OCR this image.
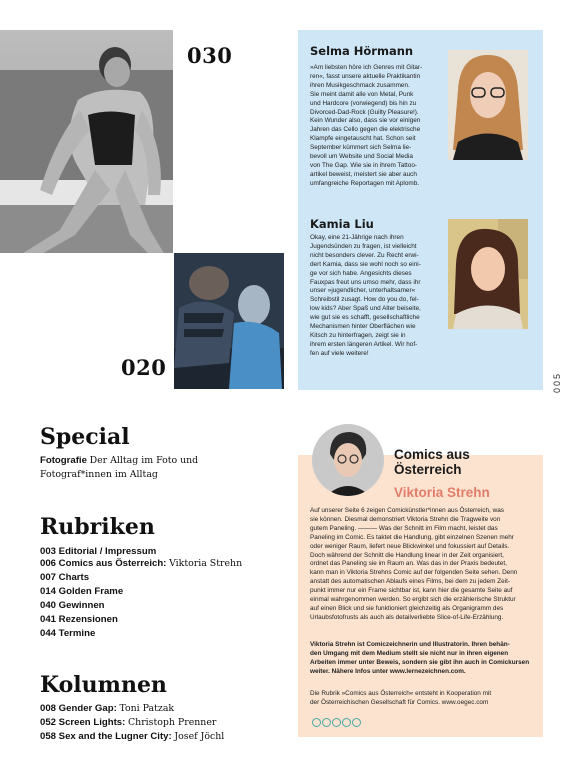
030
020
Selma Hörmann
»Am liebsten höre ich Genres mit Gitar-
ren«, fasst unsere aktuelle Praktikantin
ihren Musikgeschmack zusammen.
Sie meint damit alle von Metal, Punk
und Hardcore (vorwiegend) bis hin zu
Divorced-Dad-Rock (Guilty Pleasure!).
Kein Wunder also, dass sie vor einigen
Jahren das Cello gegen die elektrische
Klampfe eingetauscht hat. Schon seit
September kümmert sich Selma lie-
bevoll um Website und Social Media
von The Gap. Wie sie in ihrem Tattoo-
artikel beweist, meistert sie aber auch
umfangreiche Reportagen mit Aplomb.
Kamia Liu
Okay, eine 21-Jährige nach ihren
Jugendsünden zu fragen, ist vielleicht
nicht besonders clever. Zu Recht erwi-
dert Kamia, dass sie wohl noch so eini-
ge vor sich habe. Angesichts dieses
Fauxpas freut uns umso mehr, dass ihr
unser »jugendlicher, unterhaltsamer«
Schreibstil zusagt. How do you do, fel-
low kids? Aber Spaß und Alter beiseite,
wie gut sie es schafft, gesellschaftliche
Mechanismen hinter Oberflächen wie
Kitsch zu hinterfragen, zeigt sie in
ihrem ersten längeren Artikel. Wir hof-
fen auf viele weitere!
005
Special
Fotografie Der Alltag im Foto und
Fotograf*innen im Alltag
Rubriken
003 Editorial / Impressum
006 Comics aus Österreich: Viktoria Strehn
007 Charts
014 Golden Frame
040 Gewinnen
041 Rezensionen
044 Termine
Kolumnen
008 Gender Gap: Toni Patzak
052 Screen Lights: Christoph Prenner
058 Sex and the Lugner City: Josef Jöchl
Comics aus
Österreich
Viktoria Strehn
Auf unserer Seite 6 zeigen Comickünstler*innen aus Österreich, was
sie können. Diesmal demonstriert Viktoria Strehn die Tragweite von
gutem Paneling. ——— Was der Schnitt im Film macht, leistet das
Paneling im Comic. Es taktet die Handlung, gibt einzelnen Szenen mehr
oder weniger Raum, liefert neue Blickwinkel und fokussiert auf Details.
Doch während der Schnitt die Handlung linear in der Zeit organisiert,
ordnet das Paneling sie im Raum an. Was das in der Praxis bedeutet,
kann man in Viktoria Strehns Comic auf der folgenden Seite sehen. Denn
anstatt des automatischen Ablaufs eines Films, bei dem zu jedem Zeit-
punkt immer nur ein Frame sichtbar ist, kann hier die gesamte Seite auf
einmal wahrgenommen werden. So ergibt sich die erzählerische Struktur
auf einen Blick und sie funktioniert gleichzeitig als Organigramm des
Urlaubsfotofrusts als auch als detailverliebte Slice-of-Life-Erzählung.
Viktoria Strehn ist Comiczeichnerin und Illustratorin. Ihren behän-
den Umgang mit dem Medium stellt sie nicht nur in ihren eigenen
Arbeiten immer unter Beweis, sondern sie gibt ihn auch in Comickursen
weiter. Nähere Infos unter www.lernezeichnen.com.
Die Rubrik »Comics aus Österreich« entsteht in Kooperation mit
der Österreichischen Gesellschaft für Comics. www.oegec.com
